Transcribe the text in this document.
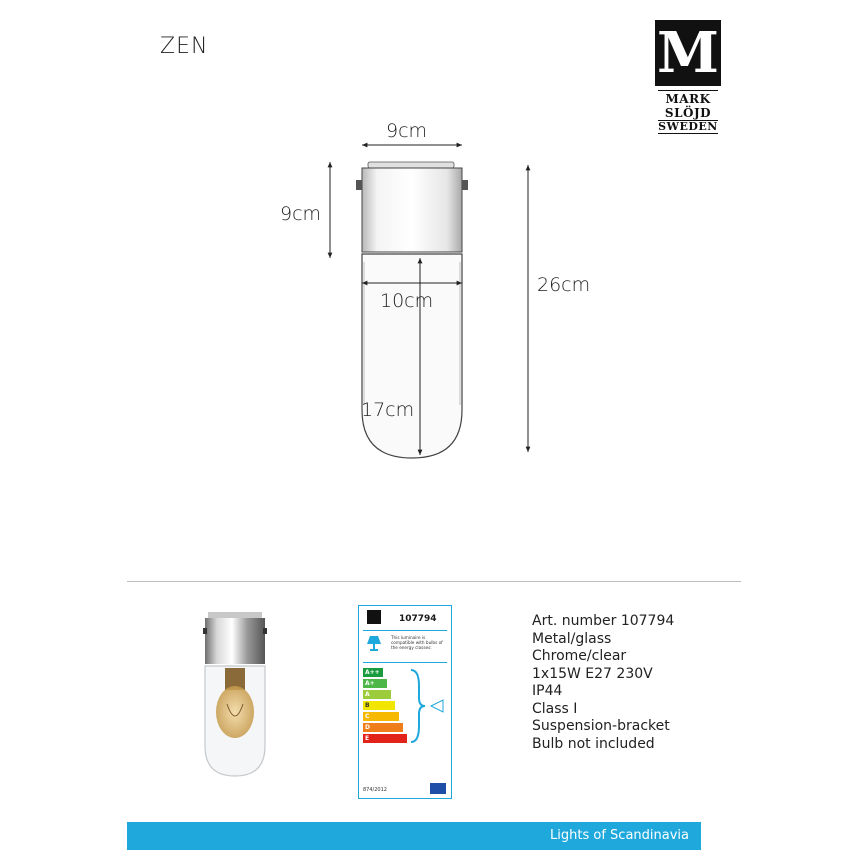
ZEN	M
MARK
SLÖJD
SWEDEN
9cm
9cm
10cm
17cm
26cm
107794
This luminaire is compatible with bulbs of the energy classes:
A++
A+
A
B
C
D
E
874/2012
Art. number 107794
Metal/glass
Chrome/clear
1x15W E27 230V
IP44
Class I
Suspension-bracket
Bulb not included
Lights of Scandinavia
